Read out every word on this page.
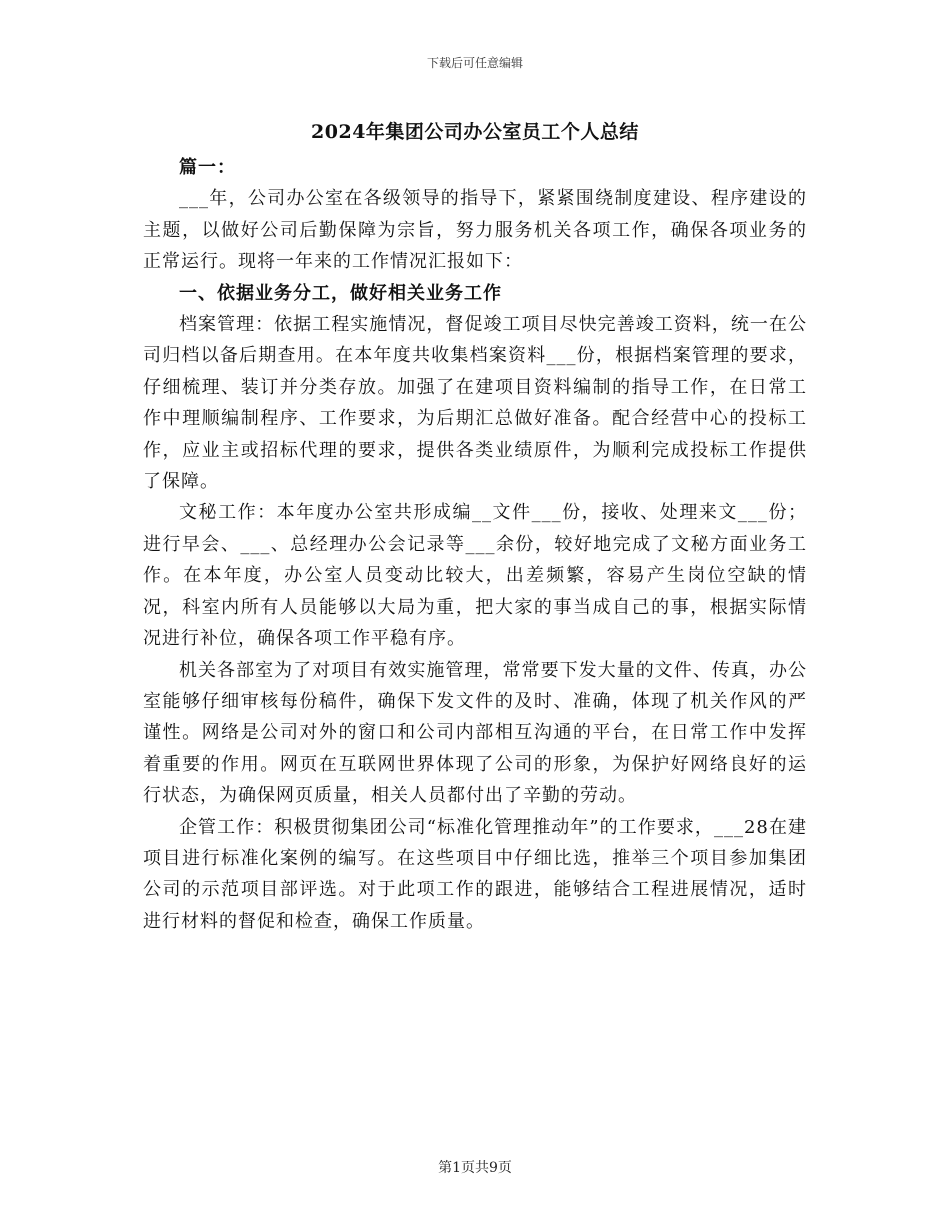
下载后可任意编辑
2024年集团公司办公室员工个人总结
篇一：

___年，公司办公室在各级领导的指导下，紧紧围绕制度建设、程序建设的主题，以做好公司后勤保障为宗旨，努力服务机关各项工作，确保各项业务的正常运行。现将一年来的工作情况汇报如下：

一、依据业务分工，做好相关业务工作

档案管理：依据工程实施情况，督促竣工项目尽快完善竣工资料，统一在公司归档以备后期查用。在本年度共收集档案资料___份，根据档案管理的要求，仔细梳理、装订并分类存放。加强了在建项目资料编制的指导工作，在日常工作中理顺编制程序、工作要求，为后期汇总做好准备。配合经营中心的投标工作，应业主或招标代理的要求，提供各类业绩原件，为顺利完成投标工作提供了保障。

文秘工作：本年度办公室共形成编__文件___份，接收、处理来文___份；进行早会、___、总经理办公会记录等___余份，较好地完成了文秘方面业务工作。在本年度，办公室人员变动比较大，出差频繁，容易产生岗位空缺的情况，科室内所有人员能够以大局为重，把大家的事当成自己的事，根据实际情况进行补位，确保各项工作平稳有序。

机关各部室为了对项目有效实施管理，常常要下发大量的文件、传真，办公室能够仔细审核每份稿件，确保下发文件的及时、准确，体现了机关作风的严谨性。网络是公司对外的窗口和公司内部相互沟通的平台，在日常工作中发挥着重要的作用。网页在互联网世界体现了公司的形象，为保护好网络良好的运行状态，为确保网页质量，相关人员都付出了辛勤的劳动。

企管工作：积极贯彻集团公司“标准化管理推动年”的工作要求，___28在建项目进行标准化案例的编写。在这些项目中仔细比选，推举三个项目参加集团公司的示范项目部评选。对于此项工作的跟进，能够结合工程进展情况，适时进行材料的督促和检查，确保工作质量。

第1页共9页
